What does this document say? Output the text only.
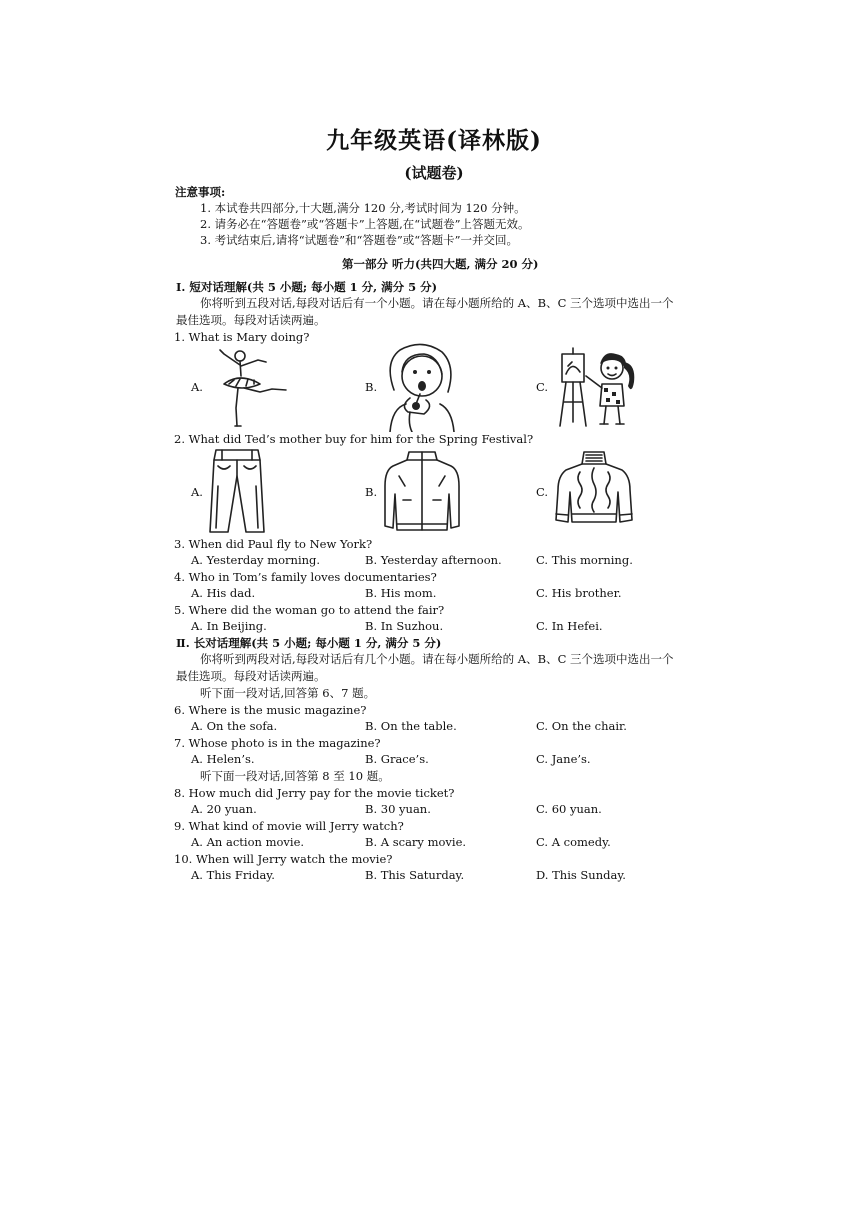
九年级英语(译林版)
(试题卷)
注意事项:
1. 本试卷共四部分,十大题,满分 120 分,考试时间为 120 分钟。
2. 请务必在“答题卷”或“答题卡”上答题,在“试题卷”上答题无效。
3. 考试结束后,请将“试题卷”和“答题卷”或“答题卡”一并交回。
第一部分 听力(共四大题, 满分 20 分)
Ⅰ. 短对话理解(共 5 小题; 每小题 1 分, 满分 5 分)
你将听到五段对话,每段对话后有一个小题。请在每小题所给的 A、B、C 三个选项中选出一个
最佳选项。每段对话读两遍。
1. What is Mary doing?
A.	B.	C.
2. What did Ted’s mother buy for him for the Spring Festival?
A.	B.	C.
3. When did Paul fly to New York?
A. Yesterday morning.	B. Yesterday afternoon.	C. This morning.
4. Who in Tom’s family loves documentaries?
A. His dad.	B. His mom.	C. His brother.
5. Where did the woman go to attend the fair?
A. In Beijing.	B. In Suzhou.	C. In Hefei.
Ⅱ. 长对话理解(共 5 小题; 每小题 1 分, 满分 5 分)
你将听到两段对话,每段对话后有几个小题。请在每小题所给的 A、B、C 三个选项中选出一个
最佳选项。每段对话读两遍。
听下面一段对话,回答第 6、7 题。
6. Where is the music magazine?
A. On the sofa.	B. On the table.	C. On the chair.
7. Whose photo is in the magazine?
A. Helen’s.	B. Grace’s.	C. Jane’s.
听下面一段对话,回答第 8 至 10 题。
8. How much did Jerry pay for the movie ticket?
A. 20 yuan.	B. 30 yuan.	C. 60 yuan.
9. What kind of movie will Jerry watch?
A. An action movie.	B. A scary movie.	C. A comedy.
10. When will Jerry watch the movie?
A. This Friday.	B. This Saturday.	D. This Sunday.
